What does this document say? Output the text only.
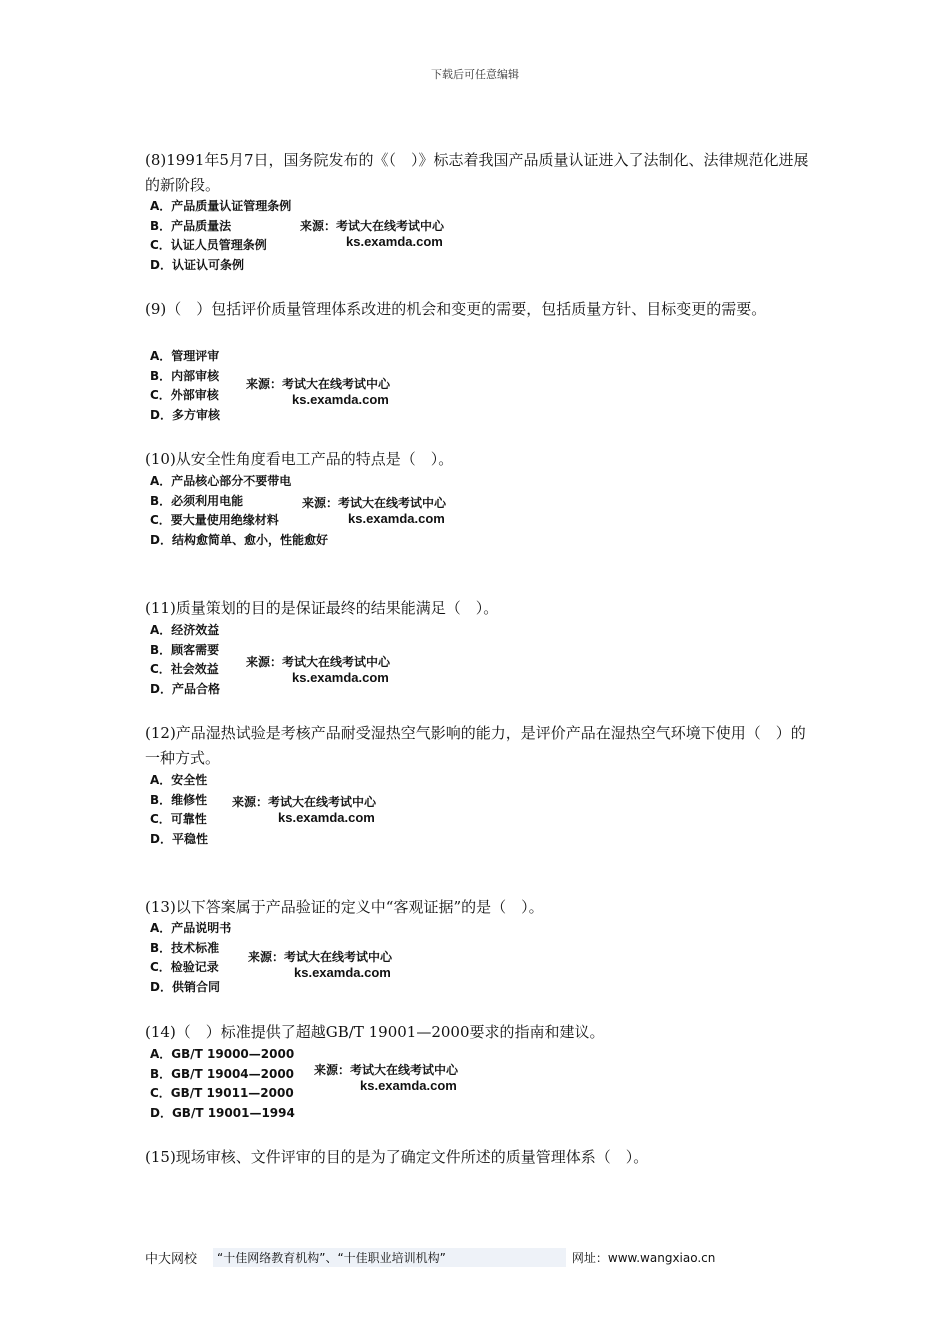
下载后可任意编辑
(8)1991年5月7日，国务院发布的《（　）》标志着我国产品质量认证进入了法制化、法律规范化进展的新阶段。
A．产品质量认证管理条例
B．产品质量法
C．认证人员管理条例
D．认证认可条例
来源：考试大在线考试中心
ks.examda.com
(9)（　）包括评价质量管理体系改进的机会和变更的需要，包括质量方针、目标变更的需要。
A．管理评审
B．内部审核
C．外部审核
D．多方审核
来源：考试大在线考试中心
ks.examda.com
(10)从安全性角度看电工产品的特点是（　）。
A．产品核心部分不要带电
B．必须利用电能
C．要大量使用绝缘材料
D．结构愈简单、愈小，性能愈好
来源：考试大在线考试中心
ks.examda.com
(11)质量策划的目的是保证最终的结果能满足（　）。
A．经济效益
B．顾客需要
C．社会效益
D．产品合格
来源：考试大在线考试中心
ks.examda.com
(12)产品湿热试验是考核产品耐受湿热空气影响的能力，是评价产品在湿热空气环境下使用（　）的一种方式。
A．安全性
B．维修性
C．可靠性
D．平稳性
来源：考试大在线考试中心
ks.examda.com
(13)以下答案属于产品验证的定义中“客观证据”的是（　）。
A．产品说明书
B．技术标准
C．检验记录
D．供销合同
来源：考试大在线考试中心
ks.examda.com
(14)（　）标准提供了超越GB/T 19001—2000要求的指南和建议。
A．GB/T 19000—2000
B．GB/T 19004—2000
C．GB/T 19011—2000
D．GB/T 19001—1994
来源：考试大在线考试中心
ks.examda.com
(15)现场审核、文件评审的目的是为了确定文件所述的质量管理体系（　）。
中大网校	“十佳网络教育机构”、“十佳职业培训机构”	网址：www.wangxiao.cn
